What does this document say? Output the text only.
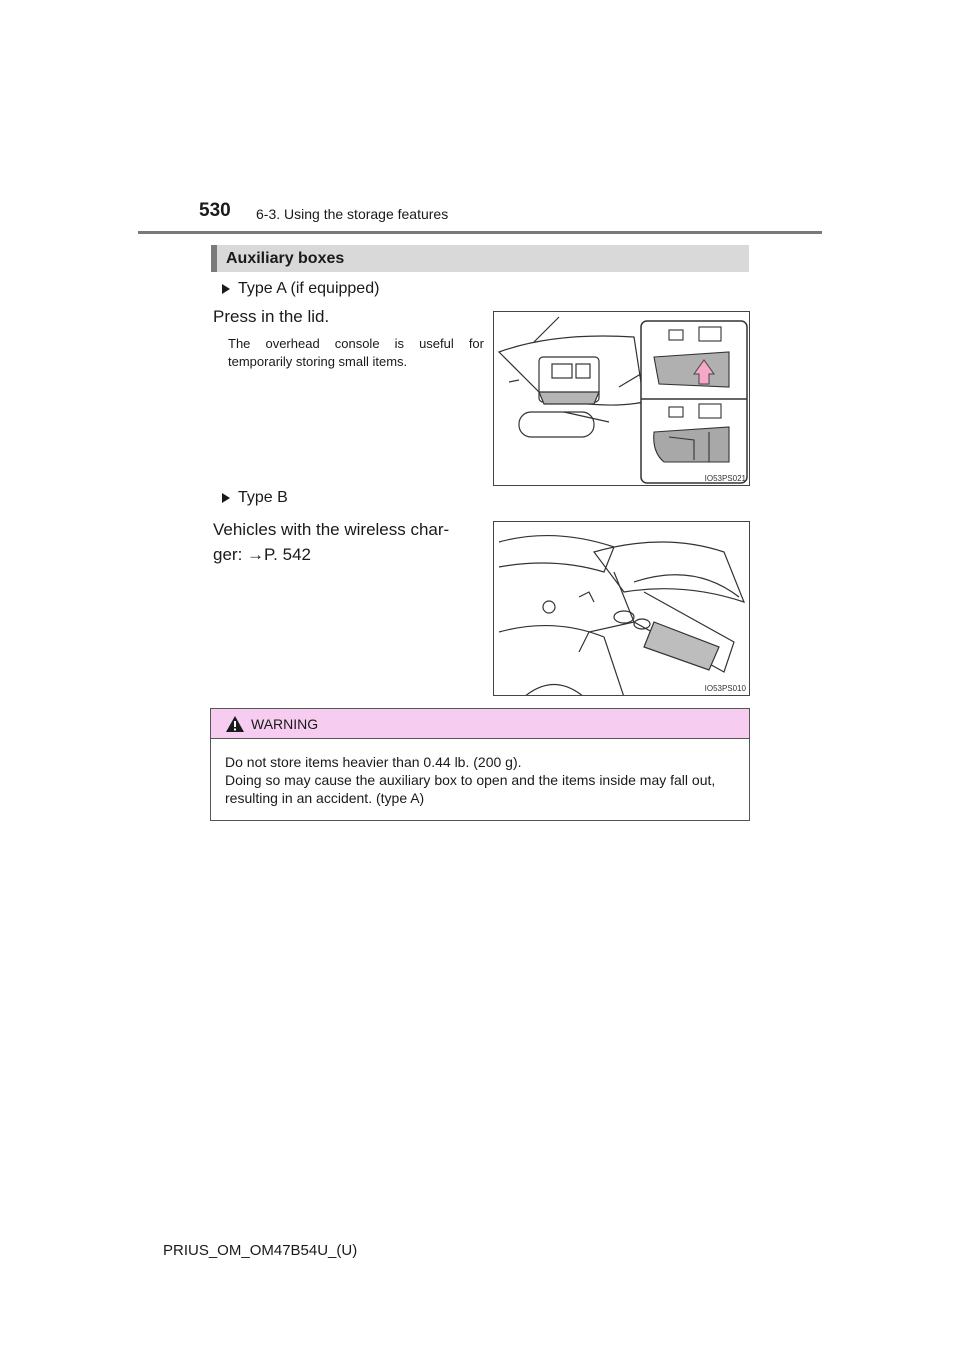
530 6-3. Using the storage features
Auxiliary boxes
Type A (if equipped)
Press in the lid.
The overhead console is useful for temporarily storing small items.
IO53PS021
Type B
Vehicles with the wireless char-ger: →P. 542
IO53PS010
WARNING

Do not store items heavier than 0.44 lb. (200 g).

Doing so may cause the auxiliary box to open and the items inside may fall out, resulting in an accident. (type A)

PRIUS_OM_OM47B54U_(U)
